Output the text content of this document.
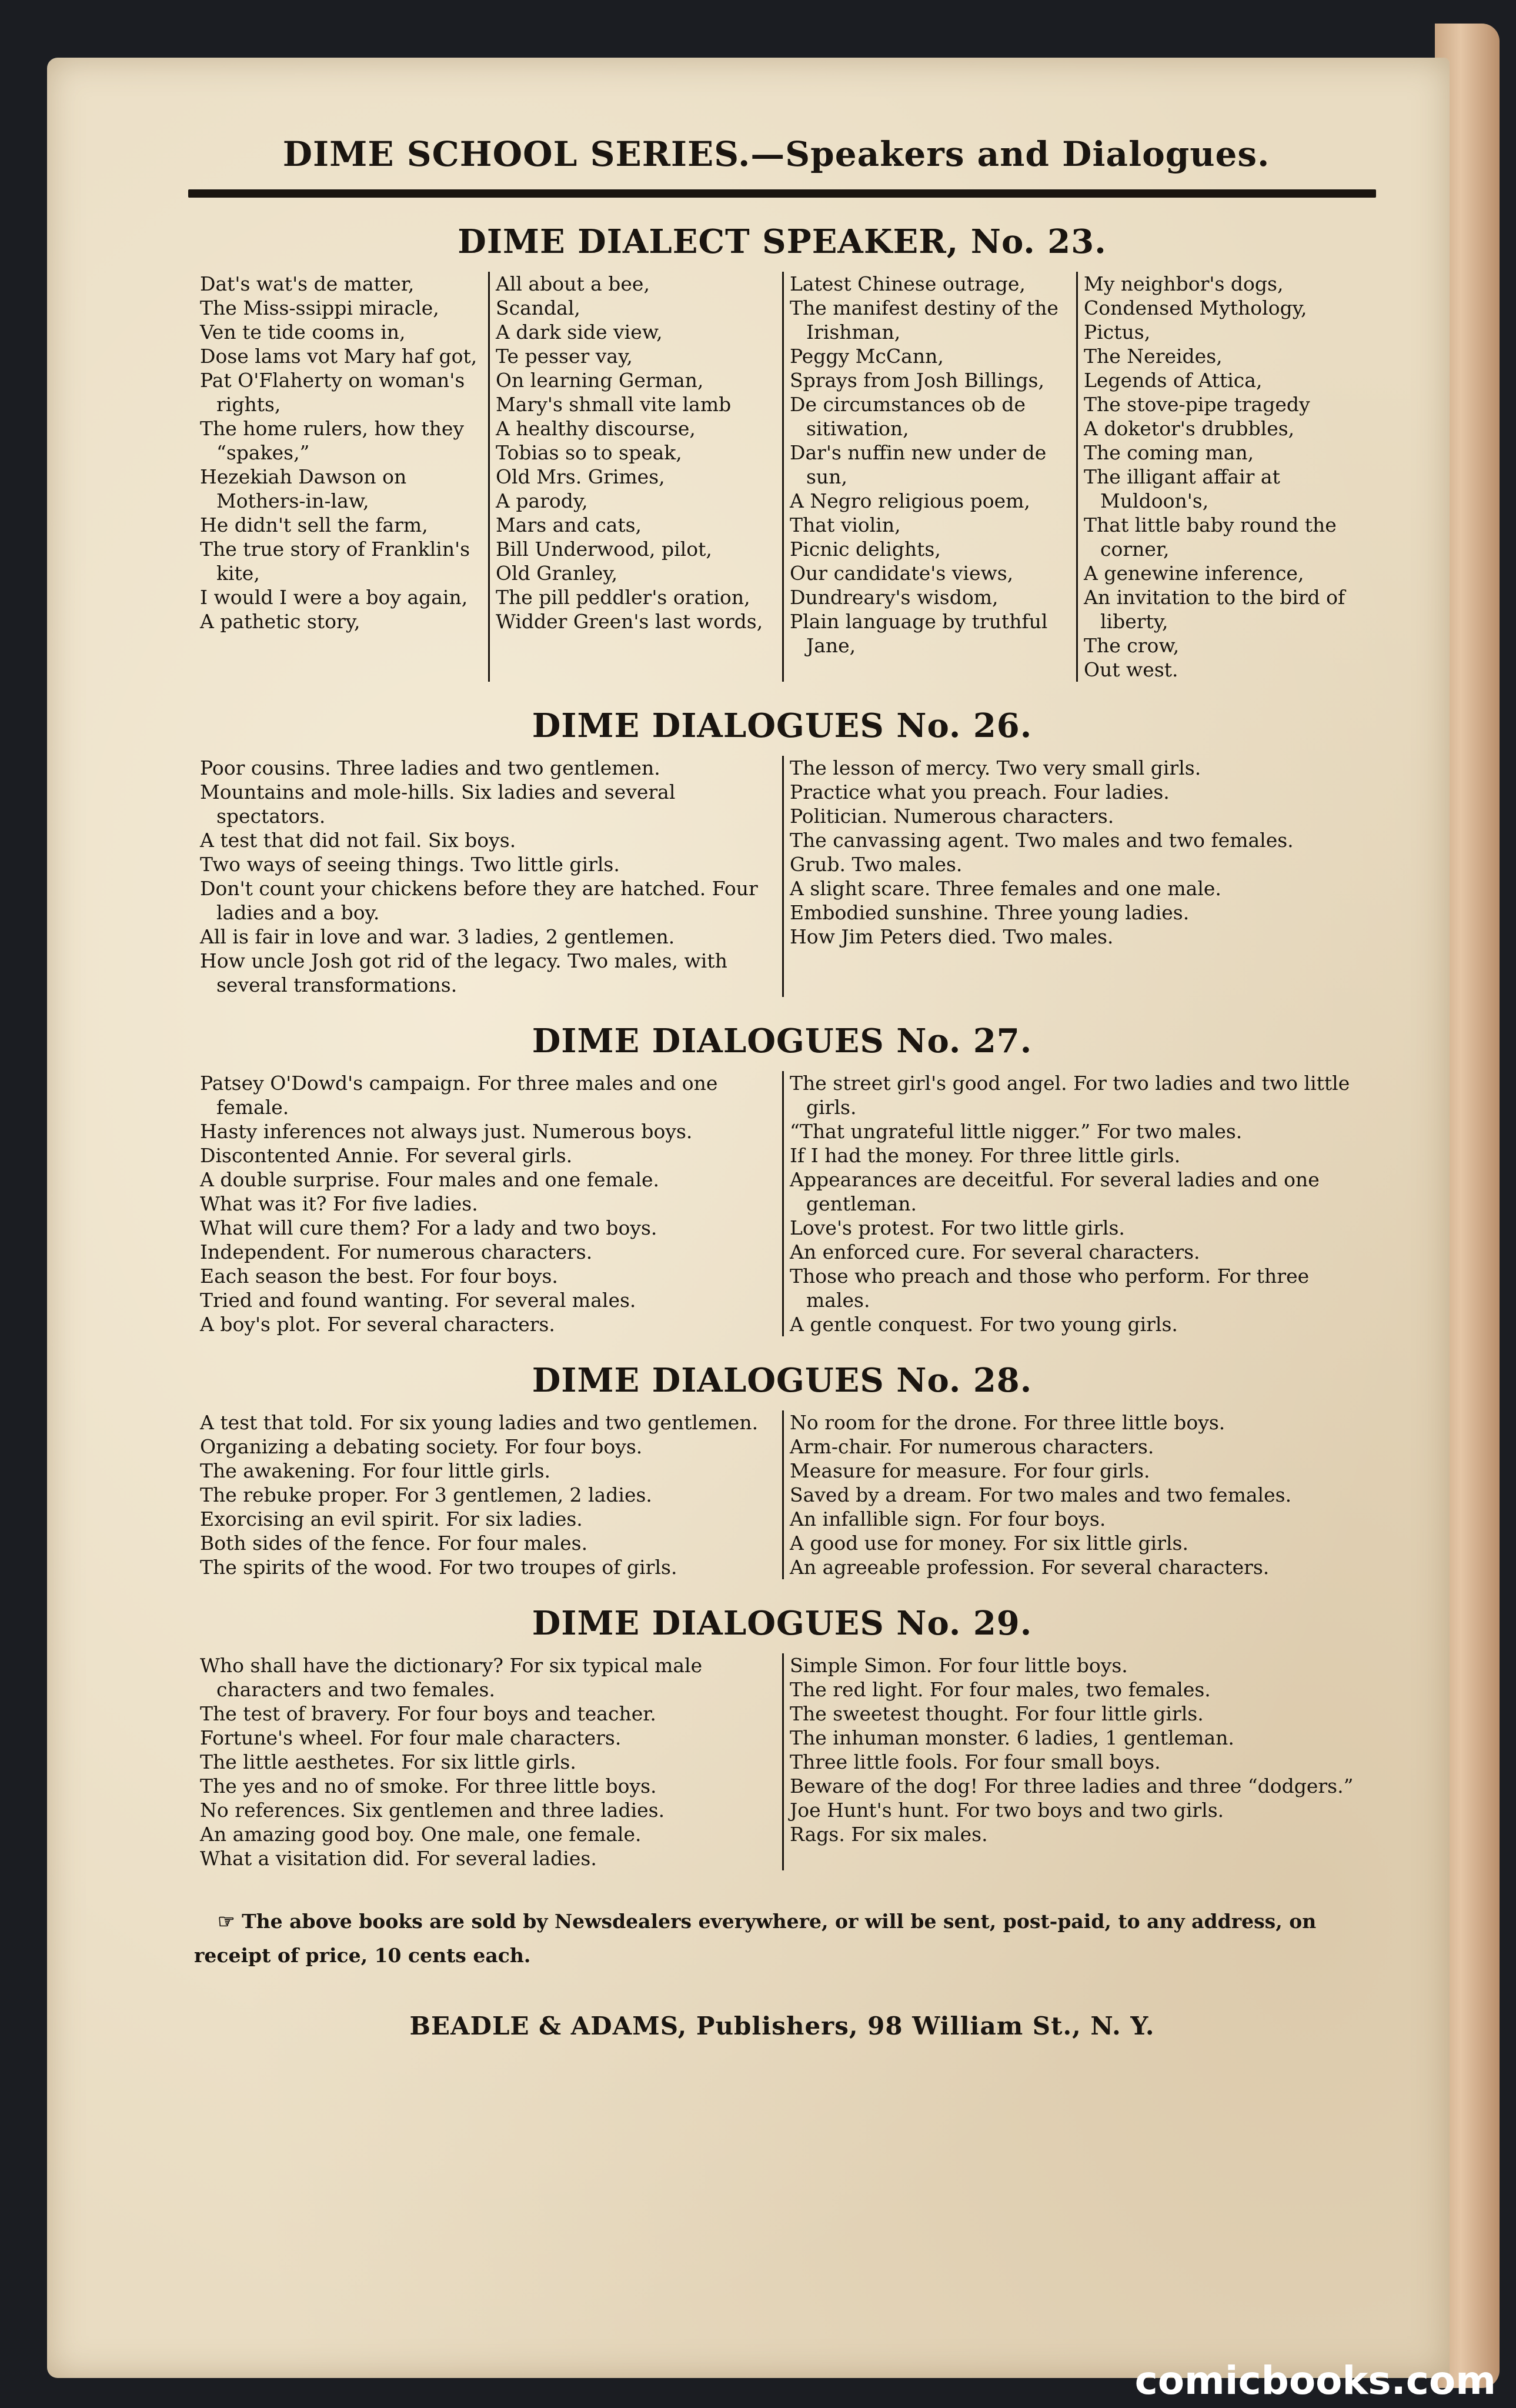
DIME SCHOOL SERIES.—Speakers and Dialogues.
DIME DIALECT SPEAKER, No. 23.
Dat's wat's de matter,
The Miss-ssippi miracle,
Ven te tide cooms in,
Dose lams vot Mary haf got,
Pat O'Flaherty on woman's rights,
The home rulers, how they “spakes,”
Hezekiah Dawson on Mothers-in-law,
He didn't sell the farm,
The true story of Franklin's kite,
I would I were a boy again,
A pathetic story,
All about a bee,
Scandal,
A dark side view,
Te pesser vay,
On learning German,
Mary's shmall vite lamb
A healthy discourse,
Tobias so to speak,
Old Mrs. Grimes,
A parody,
Mars and cats,
Bill Underwood, pilot,
Old Granley,
The pill peddler's oration,
Widder Green's last words,
Latest Chinese outrage,
The manifest destiny of the Irishman,
Peggy McCann,
Sprays from Josh Billings,
De circumstances ob de sitiwation,
Dar's nuffin new under de sun,
A Negro religious poem,
That violin,
Picnic delights,
Our candidate's views,
Dundreary's wisdom,
Plain language by truthful Jane,
My neighbor's dogs,
Condensed Mythology,
Pictus,
The Nereides,
Legends of Attica,
The stove-pipe tragedy
A doketor's drubbles,
The coming man,
The illigant affair at Muldoon's,
That little baby round the corner,
A genewine inference,
An invitation to the bird of liberty,
The crow,
Out west.
DIME DIALOGUES No. 26.
Poor cousins. Three ladies and two gentlemen.
Mountains and mole-hills. Six ladies and several spectators.
A test that did not fail. Six boys.
Two ways of seeing things. Two little girls.
Don't count your chickens before they are hatched. Four ladies and a boy.
All is fair in love and war. 3 ladies, 2 gentlemen.
How uncle Josh got rid of the legacy. Two males, with several transformations.
The lesson of mercy. Two very small girls.
Practice what you preach. Four ladies.
Politician. Numerous characters.
The canvassing agent. Two males and two females.
Grub. Two males.
A slight scare. Three females and one male.
Embodied sunshine. Three young ladies.
How Jim Peters died. Two males.
DIME DIALOGUES No. 27.
Patsey O'Dowd's campaign. For three males and one female.
Hasty inferences not always just. Numerous boys.
Discontented Annie. For several girls.
A double surprise. Four males and one female.
What was it? For five ladies.
What will cure them? For a lady and two boys.
Independent. For numerous characters.
Each season the best. For four boys.
Tried and found wanting. For several males.
A boy's plot. For several characters.
The street girl's good angel. For two ladies and two little girls.
“That ungrateful little nigger.” For two males.
If I had the money. For three little girls.
Appearances are deceitful. For several ladies and one gentleman.
Love's protest. For two little girls.
An enforced cure. For several characters.
Those who preach and those who perform. For three males.
A gentle conquest. For two young girls.
DIME DIALOGUES No. 28.
A test that told. For six young ladies and two gentlemen.
Organizing a debating society. For four boys.
The awakening. For four little girls.
The rebuke proper. For 3 gentlemen, 2 ladies.
Exorcising an evil spirit. For six ladies.
Both sides of the fence. For four males.
The spirits of the wood. For two troupes of girls.
No room for the drone. For three little boys.
Arm-chair. For numerous characters.
Measure for measure. For four girls.
Saved by a dream. For two males and two females.
An infallible sign. For four boys.
A good use for money. For six little girls.
An agreeable profession. For several characters.
DIME DIALOGUES No. 29.
Who shall have the dictionary? For six typical male characters and two females.
The test of bravery. For four boys and teacher.
Fortune's wheel. For four male characters.
The little aesthetes. For six little girls.
The yes and no of smoke. For three little boys.
No references. Six gentlemen and three ladies.
An amazing good boy. One male, one female.
What a visitation did. For several ladies.
Simple Simon. For four little boys.
The red light. For four males, two females.
The sweetest thought. For four little girls.
The inhuman monster. 6 ladies, 1 gentleman.
Three little fools. For four small boys.
Beware of the dog! For three ladies and three “dodgers.”
Joe Hunt's hunt. For two boys and two girls.
Rags. For six males.
☞ The above books are sold by Newsdealers everywhere, or will be sent, post-paid, to any address, on receipt of price, 10 cents each.
BEADLE & ADAMS, Publishers, 98 William St., N. Y.
comicbooks.com
